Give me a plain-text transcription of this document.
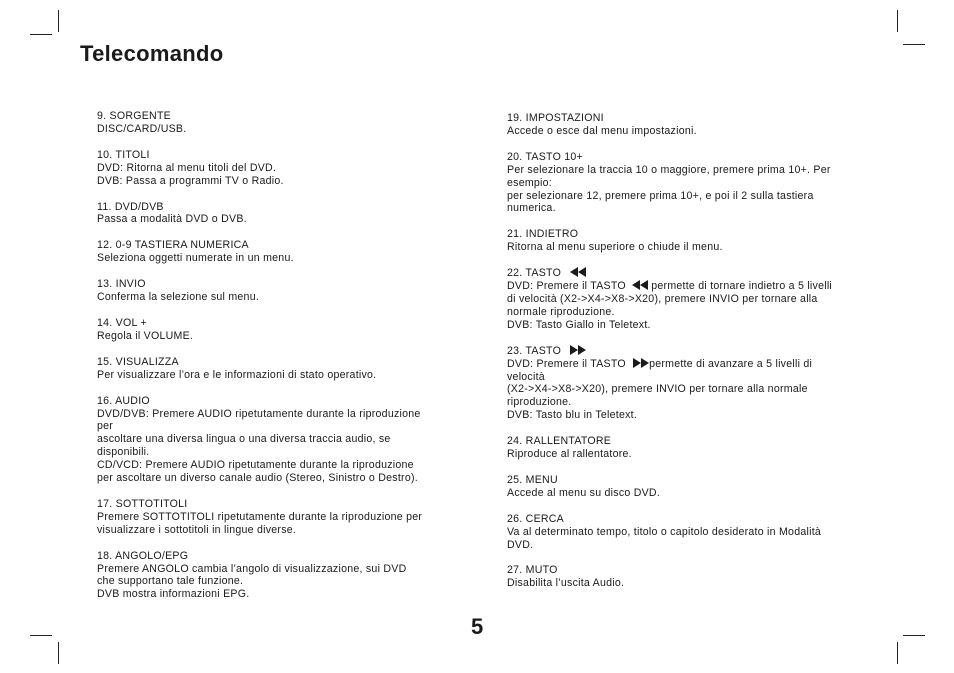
Telecomando
9. SORGENTE
DISC/CARD/USB.
10. TITOLI
DVD: Ritorna al menu titoli del DVD.
DVB: Passa a programmi TV o Radio.
11. DVD/DVB
Passa a modalità DVD o DVB.
12. 0-9 TASTIERA NUMERICA
Seleziona oggetti numerate in un menu.
13. INVIO
Conferma la selezione sul menu.
14. VOL +
Regola il VOLUME.
15. VISUALIZZA
Per visualizzare l’ora e le informazioni di stato operativo.
16. AUDIO
DVD/DVB: Premere AUDIO ripetutamente durante la riproduzione
per
ascoltare una diversa lingua o una diversa traccia audio, se
disponibili.
CD/VCD: Premere AUDIO ripetutamente durante la riproduzione
per ascoltare un diverso canale audio (Stereo, Sinistro o Destro).
17. SOTTOTITOLI
Premere SOTTOTITOLI ripetutamente durante la riproduzione per
visualizzare i sottotitoli in lingue diverse.
18. ANGOLO/EPG
Premere ANGOLO cambia l’angolo di visualizzazione, sui DVD
che supportano tale funzione.
DVB mostra informazioni EPG.
19. IMPOSTAZIONI
Accede o esce dal menu impostazioni.
20. TASTO 10+
Per selezionare la traccia 10 o maggiore, premere prima 10+. Per
esempio:
per selezionare 12, premere prima 10+, e poi il 2 sulla tastiera
numerica.
21. INDIETRO
Ritorna al menu superiore o chiude il menu.
22. TASTO
DVD: Premere il TASTO  permette di tornare indietro a 5 livelli
di velocità (X2->X4->X8->X20), premere INVIO per tornare alla
normale riproduzione.
DVB: Tasto Giallo in Teletext.
23. TASTO
DVD: Premere il TASTO permette di avanzare a 5 livelli di
velocità
(X2->X4->X8->X20), premere INVIO per tornare alla normale
riproduzione.
DVB: Tasto blu in Teletext.
24. RALLENTATORE
Riproduce al rallentatore.
25. MENU
Accede al menu su disco DVD.
26. CERCA
Va al determinato tempo, titolo o capitolo desiderato in Modalità
DVD.
27. MUTO
Disabilita l’uscita Audio.
5
